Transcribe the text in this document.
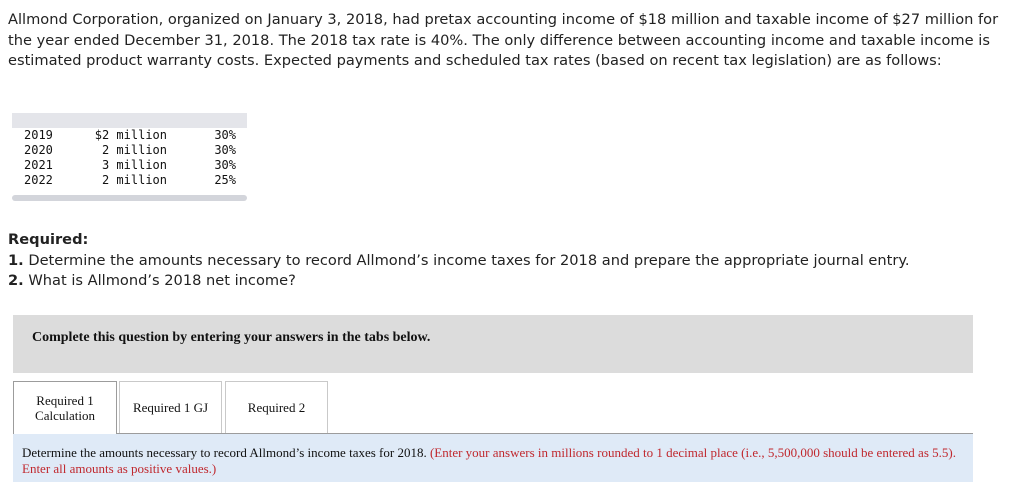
Allmond Corporation, organized on January 3, 2018, had pretax accounting income of $18 million and taxable income of $27 million for the year ended December 31, 2018. The 2018 tax rate is 40%. The only difference between accounting income and taxable income is estimated product warranty costs. Expected payments and scheduled tax rates (based on recent tax legislation) are as follows:
2019	$2 million	30%
2020	2 million	30%
2021	3 million	30%
2022	2 million	25%
Required:
1. Determine the amounts necessary to record Allmond’s income taxes for 2018 and prepare the appropriate journal entry.
2. What is Allmond’s 2018 net income?
Complete this question by entering your answers in the tabs below.
Required 1
Calculation
Required 1 GJ	Required 2
Determine the amounts necessary to record Allmond’s income taxes for 2018. (Enter your answers in millions rounded to 1 decimal place (i.e., 5,500,000 should be entered as 5.5). Enter all amounts as positive values.)
